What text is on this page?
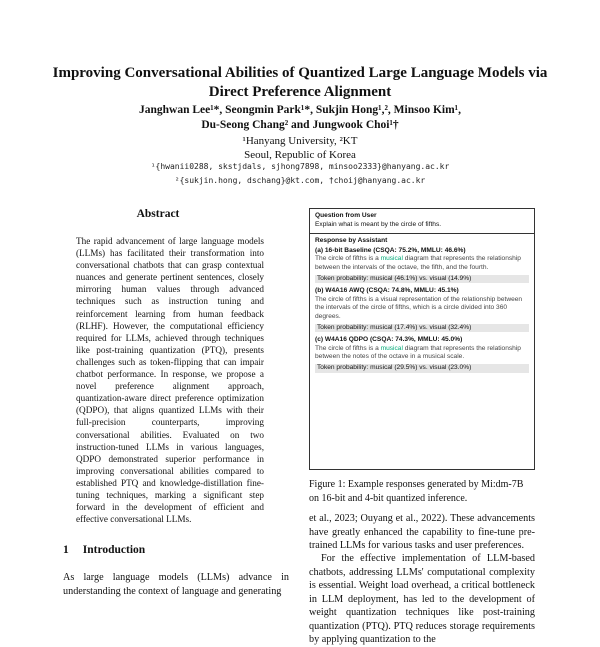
Improving Conversational Abilities of Quantized Large Language Models via Direct Preference Alignment
Janghwan Lee¹*, Seongmin Park¹*, Sukjin Hong¹,², Minsoo Kim¹,
Du-Seong Chang² and Jungwook Choi¹†
¹Hanyang University, ²KT
Seoul, Republic of Korea
¹{hwanii0288, skstjdals, sjhong7898, minsoo2333}@hanyang.ac.kr
²{sukjin.hong, dschang}@kt.com, †choij@hanyang.ac.kr
Abstract
The rapid advancement of large language models (LLMs) has facilitated their transformation into conversational chatbots that can grasp contextual nuances and generate pertinent sentences, closely mirroring human values through advanced techniques such as instruction tuning and reinforcement learning from human feedback (RLHF). However, the computational efficiency required for LLMs, achieved through techniques like post-training quantization (PTQ), presents challenges such as token-flipping that can impair chatbot performance. In response, we propose a novel preference alignment approach, quantization-aware direct preference optimization (QDPO), that aligns quantized LLMs with their full-precision counterparts, improving conversational abilities. Evaluated on two instruction-tuned LLMs in various languages, QDPO demonstrated superior performance in improving conversational abilities compared to established PTQ and knowledge-distillation fine-tuning techniques, marking a significant step forward in the development of efficient and effective conversational LLMs.
Question from User
Explain what is meant by the circle of fifths.
Response by Assistant
(a) 16-bit Baseline (CSQA: 75.2%, MMLU: 46.6%)
The circle of fifths is a musical diagram that represents the relationship between the intervals of the octave, the fifth, and the fourth.
Token probability: musical (46.1%) vs. visual (14.9%)
(b) W4A16 AWQ (CSQA: 74.8%, MMLU: 45.1%)
The circle of fifths is a visual representation of the relationship between the intervals of the circle of fifths, which is a circle divided into 360 degrees.
Token probability: musical (17.4%) vs. visual (32.4%)
(c) W4A16 QDPO (CSQA: 74.3%, MMLU: 45.0%)
The circle of fifths is a musical diagram that represents the relationship between the notes of the octave in a musical scale.
Token probability: musical (29.5%) vs. visual (23.0%)
Figure 1: Example responses generated by Mi:dm-7B on 16-bit and 4-bit quantized inference.
et al., 2023; Ouyang et al., 2022). These advancements have greatly enhanced the capability to fine-tune pre-trained LLMs for various tasks and user preferences.
For the effective implementation of LLM-based chatbots, addressing LLMs' computational complexity is essential. Weight load overhead, a critical bottleneck in LLM deployment, has led to the development of weight quantization techniques like post-training quantization (PTQ). PTQ reduces storage requirements by applying quantization to the
1 Introduction
As large language models (LLMs) advance in understanding the context of language and generating
